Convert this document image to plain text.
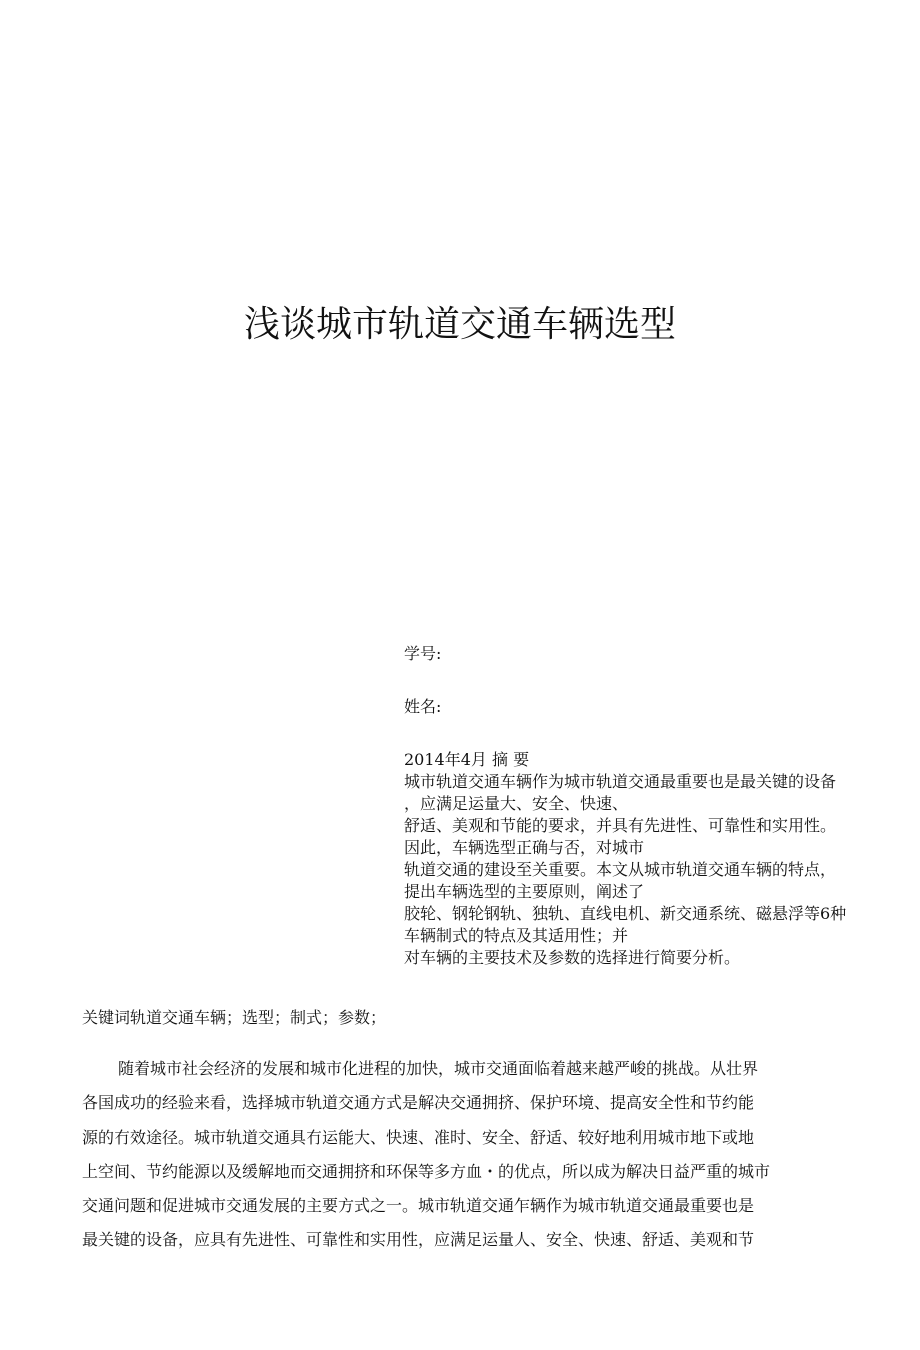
浅谈城市轨道交通车辆选型
学号:
姓名:
2014年4月 摘 要
城市轨道交通车辆作为城市轨道交通最重要也是最关键的设备
，应满足运量大、安全、快速、
舒适、美观和节能的要求，并具有先进性、可靠性和实用性。
因此，车辆选型正确与否，对城市
轨道交通的建设至关重要。本文从城市轨道交通车辆的特点，
提出车辆选型的主要原则，阐述了
胶轮、钢轮钢轨、独轨、直线电机、新交通系统、磁悬浮等6种
车辆制式的特点及其适用性；并
对车辆的主要技术及参数的选择进行简要分析。
关键词轨道交通车辆；选型；制式；参数；
随着城市社会经济的发展和城市化进程的加快，城市交通面临着越来越严峻的挑战。从壮界
各国成功的经验来看，选择城市轨道交通方式是解决交通拥挤、保护环境、提高安全性和节约能
源的冇效途径。城市轨道交通具冇运能大、快速、准时、安全、舒适、较好地利用城市地下或地
上空间、节约能源以及缓解地而交通拥挤和环保等多方血・的优点，所以成为解决日益严重的城市
交通问题和促进城市交通发展的主要方式之一。城市轨道交通乍辆作为城市轨道交通最重要也是
最关键的设备，应具有先进性、可靠性和实用性，应满足运量人、安全、快速、舒适、美观和节
